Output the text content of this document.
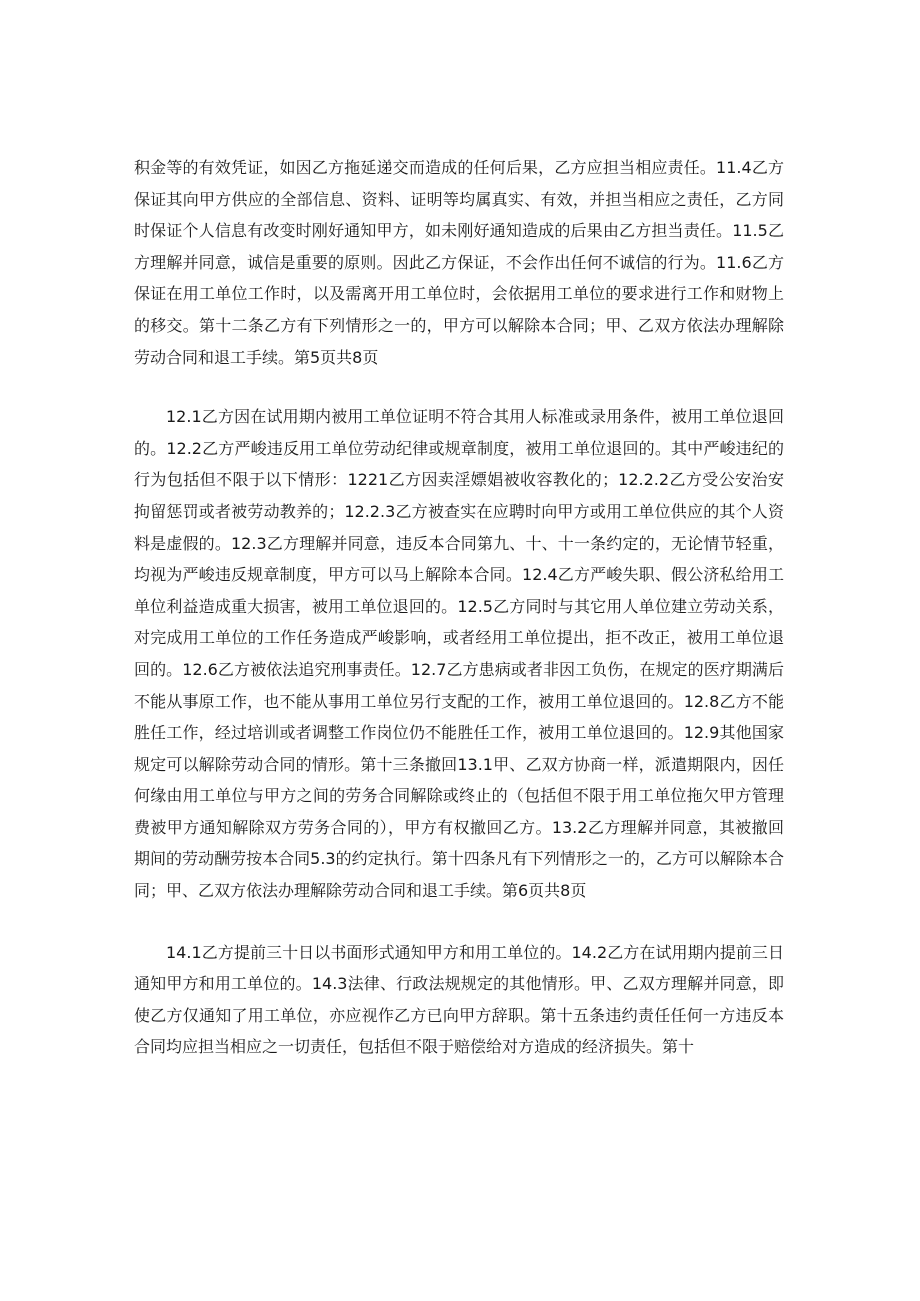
积金等的有效凭证，如因乙方拖延递交而造成的任何后果，乙方应担当相应责任。11.4乙方保证其向甲方供应的全部信息、资料、证明等均属真实、有效，并担当相应之责任，乙方同时保证个人信息有改变时刚好通知甲方，如未刚好通知造成的后果由乙方担当责任。11.5乙方理解并同意，诚信是重要的原则。因此乙方保证，不会作出任何不诚信的行为。11.6乙方保证在用工单位工作时，以及需离开用工单位时，会依据用工单位的要求进行工作和财物上的移交。第十二条乙方有下列情形之一的，甲方可以解除本合同；甲、乙双方依法办理解除劳动合同和退工手续。第5页共8页

12.1乙方因在试用期内被用工单位证明不符合其用人标准或录用条件，被用工单位退回的。12.2乙方严峻违反用工单位劳动纪律或规章制度，被用工单位退回的。其中严峻违纪的行为包括但不限于以下情形：1221乙方因卖淫嫖娼被收容教化的；12.2.2乙方受公安治安拘留惩罚或者被劳动教养的；12.2.3乙方被查实在应聘时向甲方或用工单位供应的其个人资料是虚假的。12.3乙方理解并同意，违反本合同第九、十、十一条约定的，无论情节轻重，均视为严峻违反规章制度，甲方可以马上解除本合同。12.4乙方严峻失职、假公济私给用工单位利益造成重大损害，被用工单位退回的。12.5乙方同时与其它用人单位建立劳动关系，对完成用工单位的工作任务造成严峻影响，或者经用工单位提出，拒不改正，被用工单位退回的。12.6乙方被依法追究刑事责任。12.7乙方患病或者非因工负伤，在规定的医疗期满后不能从事原工作，也不能从事用工单位另行支配的工作，被用工单位退回的。12.8乙方不能胜任工作，经过培训或者调整工作岗位仍不能胜任工作，被用工单位退回的。12.9其他国家规定可以解除劳动合同的情形。第十三条撤回13.1甲、乙双方协商一样，派遣期限内，因任何缘由用工单位与甲方之间的劳务合同解除或终止的（包括但不限于用工单位拖欠甲方管理费被甲方通知解除双方劳务合同的），甲方有权撤回乙方。13.2乙方理解并同意，其被撤回期间的劳动酬劳按本合同5.3的约定执行。第十四条凡有下列情形之一的，乙方可以解除本合同；甲、乙双方依法办理解除劳动合同和退工手续。第6页共8页

14.1乙方提前三十日以书面形式通知甲方和用工单位的。14.2乙方在试用期内提前三日通知甲方和用工单位的。14.3法律、行政法规规定的其他情形。甲、乙双方理解并同意，即使乙方仅通知了用工单位，亦应视作乙方已向甲方辞职。第十五条违约责任任何一方违反本合同均应担当相应之一切责任，包括但不限于赔偿给对方造成的经济损失。第十
